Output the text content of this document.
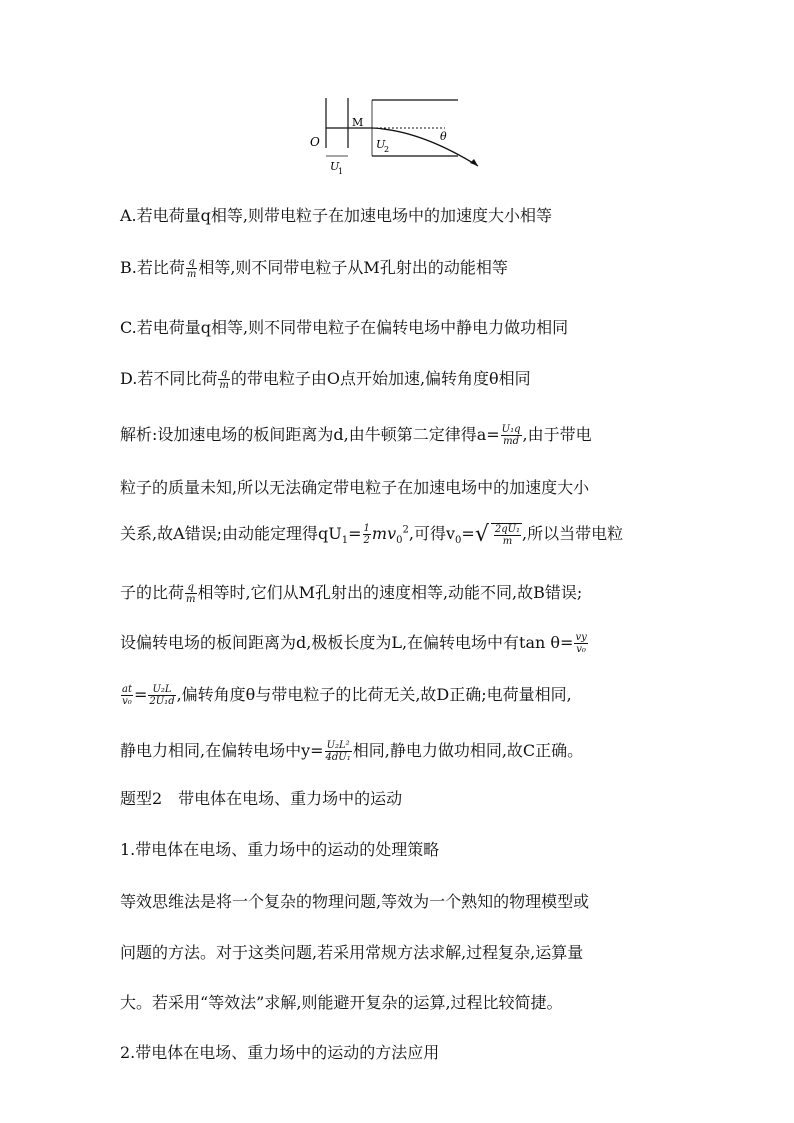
O
M
U
1
U
2
θ
A.若电荷量q相等,则带电粒子在加速电场中的加速度大小相等
B.若比荷 $\frac{q}{m}$ 相等,则不同带电粒子从M孔射出的动能相等
C.若电荷量q相等,则不同带电粒子在偏转电场中静电力做功相同
D.若不同比荷 $\frac{q}{m}$ 的带电粒子由O点开始加速,偏转角度θ相同
解析:设加速电场的板间距离为d,由牛顿第二定律得$a= \frac{\text{U₁q}}{md}$ ,由于带电
粒子的质量未知,所以无法确定带电粒子在加速电场中的加速度大小
关系,故A错误;由动能定理得$qU_1= \frac{1}{2} mv_0^2$,可得$v_0=√ \frac{\text{2qU₁}}{m}$ ,所以当带电粒
子的比荷 $\frac{q}{m}$ 相等时,它们从M孔射出的速度相等,动能不同,故B错误;
设偏转电场的板间距离为d,极板长度为L,在偏转电场中有$\tan \theta= \frac{vy}{\text{v₀}}$
$\frac{at}{\text{v₀}} = \frac{\text{U₂L}}{\text{2U₁d}}$ ,偏转角度θ与带电粒子的比荷无关,故D正确;电荷量相同,
静电力相同,在偏转电场中$y= \frac{\text{U₂L²}}{\text{4dU₁}}$ 相同,静电力做功相同,故C正确。
题型2　带电体在电场、重力场中的运动
1.带电体在电场、重力场中的运动的处理策略
等效思维法是将一个复杂的物理问题,等效为一个熟知的物理模型或
问题的方法。对于这类问题,若采用常规方法求解,过程复杂,运算量
大。若采用“等效法”求解,则能避开复杂的运算,过程比较简捷。
2.带电体在电场、重力场中的运动的方法应用
